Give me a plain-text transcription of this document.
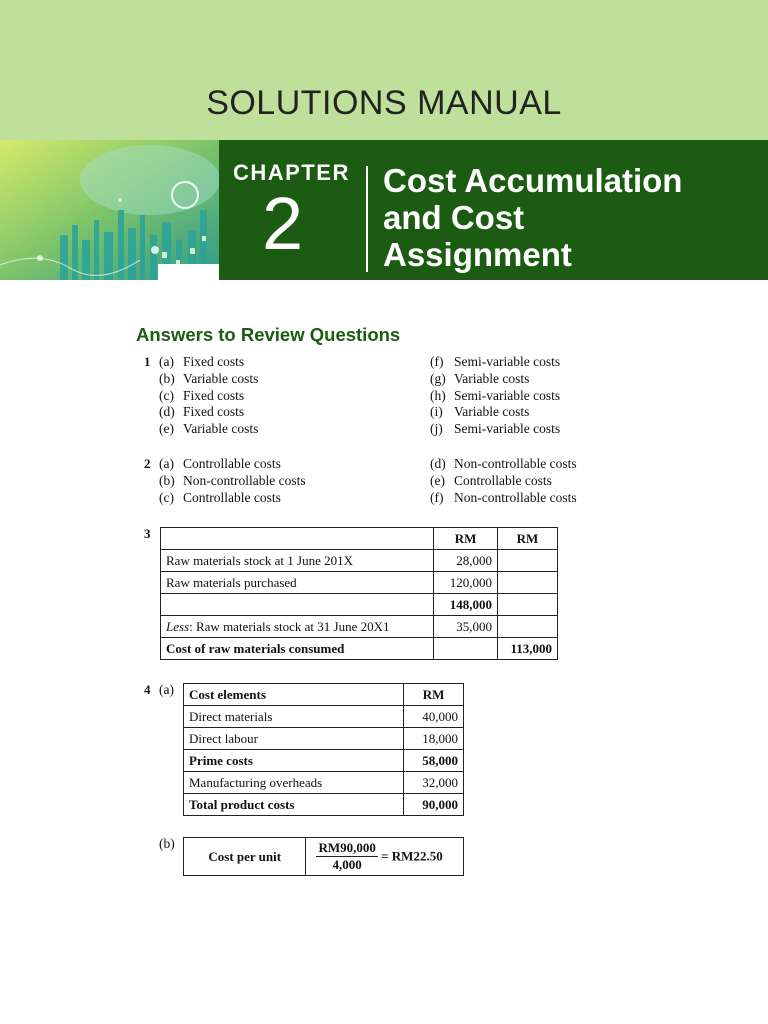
SOLUTIONS MANUAL
CHAPTER
2
Cost Accumulation
and Cost
Assignment
Answers to Review Questions
1 (a) Fixed costs
(b) Variable costs
(c) Fixed costs
(d) Fixed costs
(e) Variable costs
(f) Semi-variable costs
(g) Variable costs
(h) Semi-variable costs
(i) Variable costs
(j) Semi-variable costs
2 (a) Controllable costs
(b) Non-controllable costs
(c) Controllable costs
(d) Non-controllable costs
(e) Controllable costs
(f) Non-controllable costs
3
		RM	RM
Raw materials stock at 1 June 201X	28,000	
Raw materials purchased	120,000	
	148,000	
Less: Raw materials stock at 31 June 20X1	35,000	
Cost of raw materials consumed		113,000
4 (a) Cost elements	RM
Direct materials	40,000
Direct labour	18,000
Prime costs	58,000
Manufacturing overheads	32,000
Total product costs	90,000
(b)
Cost per unit	$\frac{RM90,000}{4,000} = RM22.50$
